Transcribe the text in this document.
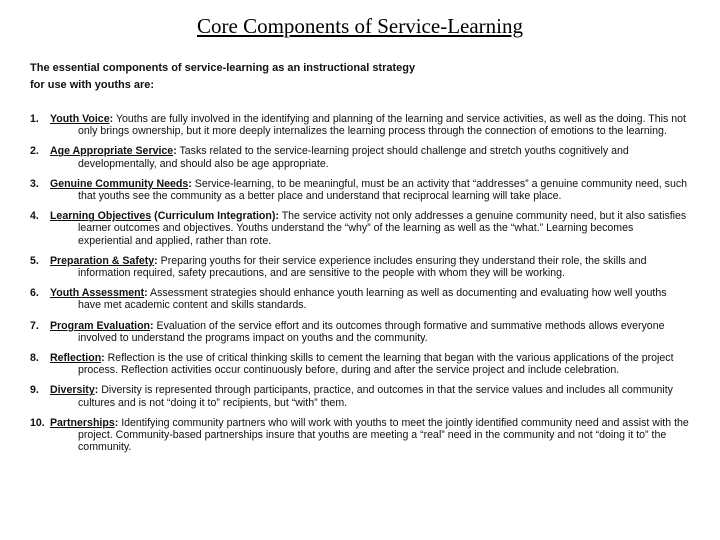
Core Components of Service-Learning
The essential components of service-learning as an instructional strategy for use with youths are:
1. Youth Voice: Youths are fully involved in the identifying and planning of the learning and service activities, as well as the doing. This not only brings ownership, but it more deeply internalizes the learning process through the connection of emotions to the learning.
2. Age Appropriate Service: Tasks related to the service-learning project should challenge and stretch youths cognitively and developmentally, and should also be age appropriate.
3. Genuine Community Needs: Service-learning, to be meaningful, must be an activity that “addresses” a genuine community need, such that youths see the community as a better place and understand that reciprocal learning will take place.
4. Learning Objectives (Curriculum Integration): The service activity not only addresses a genuine community need, but it also satisfies learner outcomes and objectives. Youths understand the “why” of the learning as well as the “what.” Learning becomes experiential and applied, rather than rote.
5. Preparation & Safety: Preparing youths for their service experience includes ensuring they understand their role, the skills and information required, safety precautions, and are sensitive to the people with whom they will be working.
6. Youth Assessment: Assessment strategies should enhance youth learning as well as documenting and evaluating how well youths have met academic content and skills standards.
7. Program Evaluation: Evaluation of the service effort and its outcomes through formative and summative methods allows everyone involved to understand the programs impact on youths and the community.
8. Reflection: Reflection is the use of critical thinking skills to cement the learning that began with the various applications of the project process. Reflection activities occur continuously before, during and after the service project and include celebration.
9. Diversity: Diversity is represented through participants, practice, and outcomes in that the service values and includes all community cultures and is not “doing it to” recipients, but “with” them.
10. Partnerships: Identifying community partners who will work with youths to meet the jointly identified community need and assist with the project. Community-based partnerships insure that youths are meeting a “real” need in the community and not “doing it to” the community.
